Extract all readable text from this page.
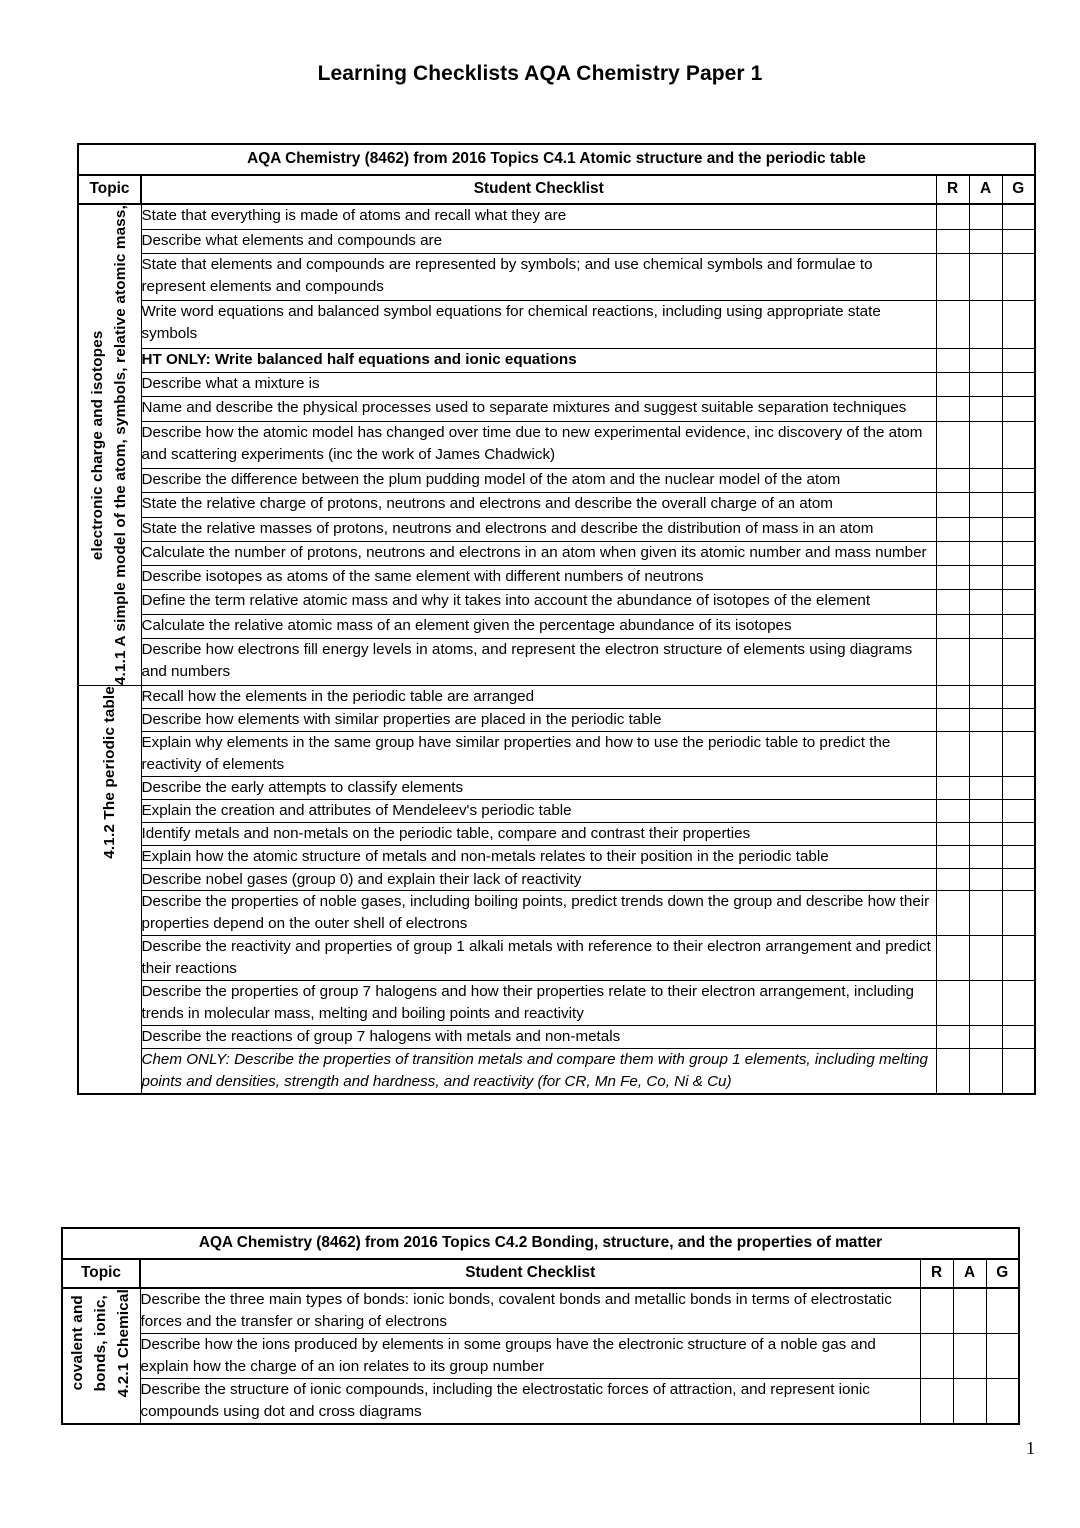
Learning Checklists AQA Chemistry Paper 1
AQA Chemistry (8462) from 2016 Topics C4.1 Atomic structure and the periodic table				
Topic	Student Checklist	R	A	G

4.1.1 A simple model of the atom, symbols, relative atomic mass,
electronic charge and isotopes	State that everything is made of atoms and recall what they are			
	Describe what elements and compounds are			
	State that elements and compounds are represented by symbols; and use chemical symbols and formulae to represent elements and compounds			
	Write word equations and balanced symbol equations for chemical reactions, including using appropriate state symbols			
	HT ONLY: Write balanced half equations and ionic equations			
	Describe what a mixture is			
	Name and describe the physical processes used to separate mixtures and suggest suitable separation techniques			
	Describe how the atomic model has changed over time due to new experimental evidence, inc discovery of the atom and scattering experiments (inc the work of James Chadwick)			
	Describe the difference between the plum pudding model of the atom and the nuclear model of the atom			
	State the relative charge of protons, neutrons and electrons and describe the overall charge of an atom			
	State the relative masses of protons, neutrons and electrons and describe the distribution of mass in an atom			
	Calculate the number of protons, neutrons and electrons in an atom when given its atomic number and mass number			
	Describe isotopes as atoms of the same element with different numbers of neutrons			
	Define the term relative atomic mass and why it takes into account the abundance of isotopes of the element			
	Calculate the relative atomic mass of an element given the percentage abundance of its isotopes			
	Describe how electrons fill energy levels in atoms, and represent the electron structure of elements using diagrams and numbers			

4.1.2 The periodic table	Recall how the elements in the periodic table are arranged			
	Describe how elements with similar properties are placed in the periodic table			
	Explain why elements in the same group have similar properties and how to use the periodic table to predict the reactivity of elements			
	Describe the early attempts to classify elements			
	Explain the creation and attributes of Mendeleev's periodic table			
	Identify metals and non-metals on the periodic table, compare and contrast their properties			
	Explain how the atomic structure of metals and non-metals relates to their position in the periodic table			
	Describe nobel gases (group 0) and explain their lack of reactivity			
	Describe the properties of noble gases, including boiling points, predict trends down the group and describe how their properties depend on the outer shell of electrons			
	Describe the reactivity and properties of group 1 alkali metals with reference to their electron arrangement and predict their reactions			
	Describe the properties of group 7 halogens and how their properties relate to their electron arrangement, including trends in molecular mass, melting and boiling points and reactivity			
	Describe the reactions of group 7 halogens with metals and non-metals			
	Chem ONLY: Describe the properties of transition metals and compare them with group 1 elements, including melting points and densities, strength and hardness, and reactivity (for CR, Mn Fe, Co, Ni & Cu)			
AQA Chemistry (8462) from 2016 Topics C4.2 Bonding, structure, and the properties of matter				
Topic	Student Checklist	R	A	G

4.2.1 Chemical
bonds, ionic,
covalent and	Describe the three main types of bonds: ionic bonds, covalent bonds and metallic bonds in terms of electrostatic forces and the transfer or sharing of electrons			
	Describe how the ions produced by elements in some groups have the electronic structure of a noble gas and explain how the charge of an ion relates to its group number			
	Describe the structure of ionic compounds, including the electrostatic forces of attraction, and represent ionic compounds using dot and cross diagrams			
1
